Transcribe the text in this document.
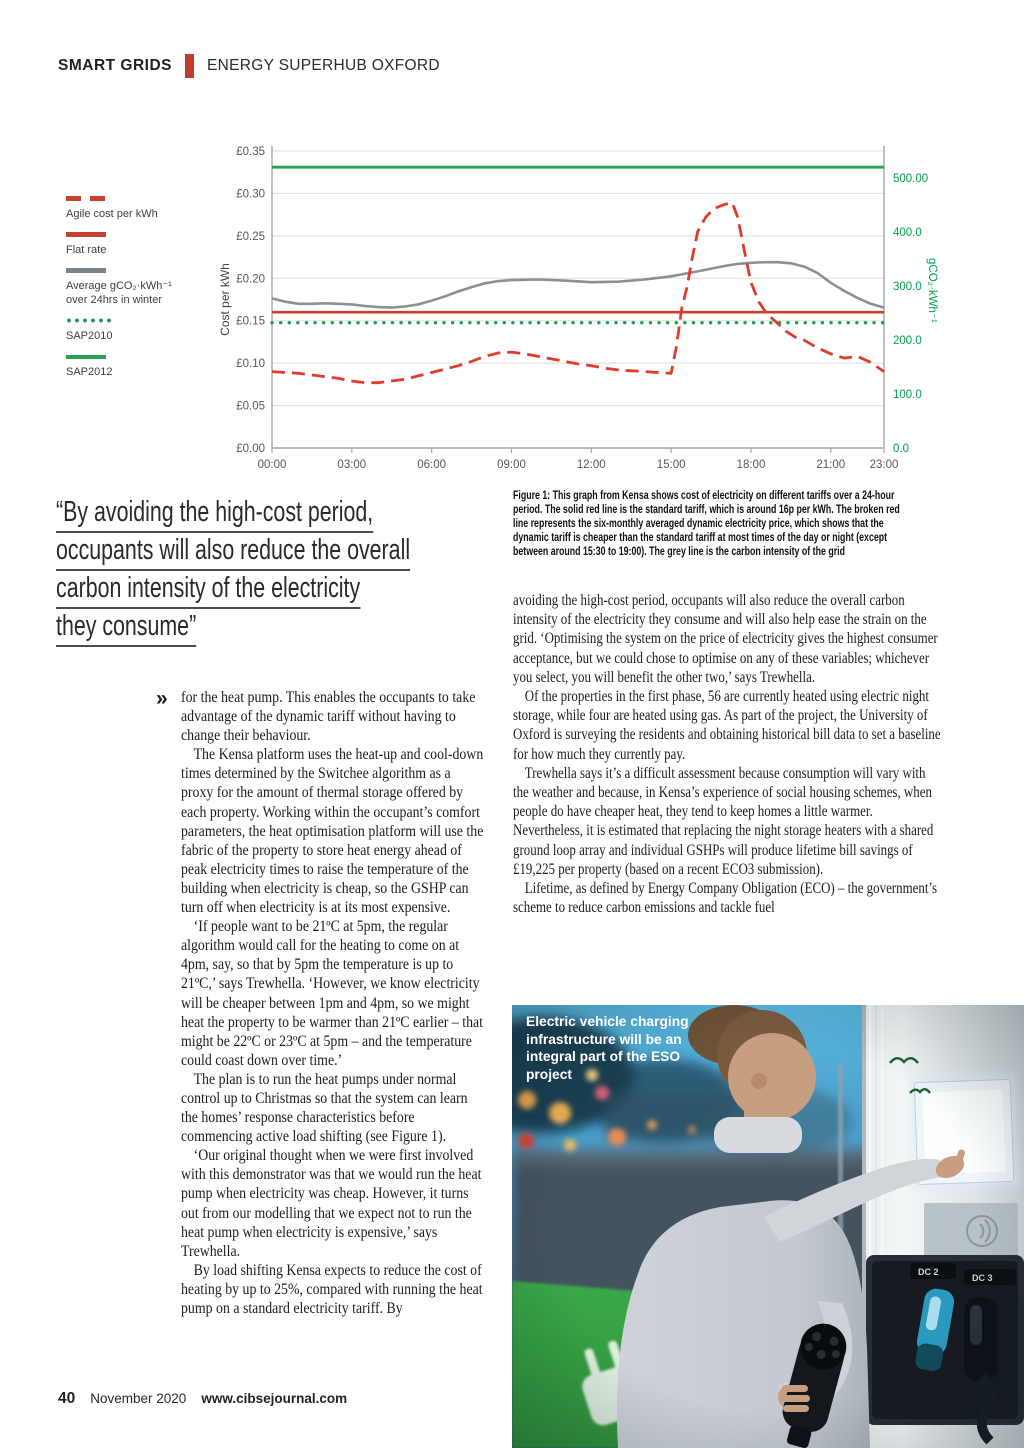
SMART GRIDS ENERGY SUPERHUB OXFORD
Agile cost per kWh
Flat rate
Average gCO₂·kWh⁻¹ over 24hrs in winter
SAP2010
SAP2012
£0.00
£0.05
£0.10
£0.15
£0.20
£0.25
£0.30
£0.35
0.0
100.0
200.0
300.0
400.0
500.00
00:00	03:00	06:00	09:00	12:00	15:00	18:00	21:00 23:00
Cost per kWh	gCO₂·kWh⁻¹
Figure 1: This graph from Kensa shows cost of electricity on different tariffs over a 24-hour period. The solid red line is the standard tariff, which is around 16p per kWh. The broken red line represents the six-monthly averaged dynamic electricity price, which shows that the dynamic tariff is cheaper than the standard tariff at most times of the day or night (except between around 15:30 to 19:00). The grey line is the carbon intensity of the grid
“By avoiding the high-cost period,
occupants will also reduce the overall
carbon intensity of the electricity
they consume”
» for the heat pump. This enables the occupants to take advantage of the dynamic tariff without having to change their behaviour.

The Kensa platform uses the heat-up and cool-down times determined by the Switchee algorithm as a proxy for the amount of thermal storage offered by each property. Working within the occupant’s comfort parameters, the heat optimisation platform will use the fabric of the property to store heat energy ahead of peak electricity times to raise the temperature of the building when electricity is cheap, so the GSHP can turn off when electricity is at its most expensive.

‘If people want to be 21ºC at 5pm, the regular algorithm would call for the heating to come on at 4pm, say, so that by 5pm the temperature is up to 21ºC,’ says Trewhella. ‘However, we know electricity will be cheaper between 1pm and 4pm, so we might heat the property to be warmer than 21ºC earlier – that might be 22ºC or 23ºC at 5pm – and the temperature could coast down over time.’

The plan is to run the heat pumps under normal control up to Christmas so that the system can learn the homes’ response characteristics before commencing active load shifting (see Figure 1).

‘Our original thought when we were first involved with this demonstrator was that we would run the heat pump when electricity was cheap. However, it turns out from our modelling that we expect not to run the heat pump when electricity is expensive,’ says Trewhella.

By load shifting Kensa expects to reduce the cost of heating by up to 25%, compared with running the heat pump on a standard electricity tariff. By

avoiding the high-cost period, occupants will also reduce the overall carbon intensity of the electricity they consume and will also help ease the strain on the grid. ‘Optimising the system on the price of electricity gives the highest consumer acceptance, but we could chose to optimise on any of these variables; whichever you select, you will benefit the other two,’ says Trewhella.

Of the properties in the first phase, 56 are currently heated using electric night storage, while four are heated using gas. As part of the project, the University of Oxford is surveying the residents and obtaining historical bill data to set a baseline for how much they currently pay.

Trewhella says it’s a difficult assessment because consumption will vary with the weather and because, in Kensa’s experience of social housing schemes, when people do have cheaper heat, they tend to keep homes a little warmer. Nevertheless, it is estimated that replacing the night storage heaters with a shared ground loop array and individual GSHPs will produce lifetime bill savings of £19,225 per property (based on a recent ECO3 submission).

Lifetime, as defined by Energy Company Obligation (ECO) – the government’s scheme to reduce carbon emissions and tackle fuel

Electric vehicle charging infrastructure will be an integral part of the ESO project
40 November 2020 www.cibsejournal.com
